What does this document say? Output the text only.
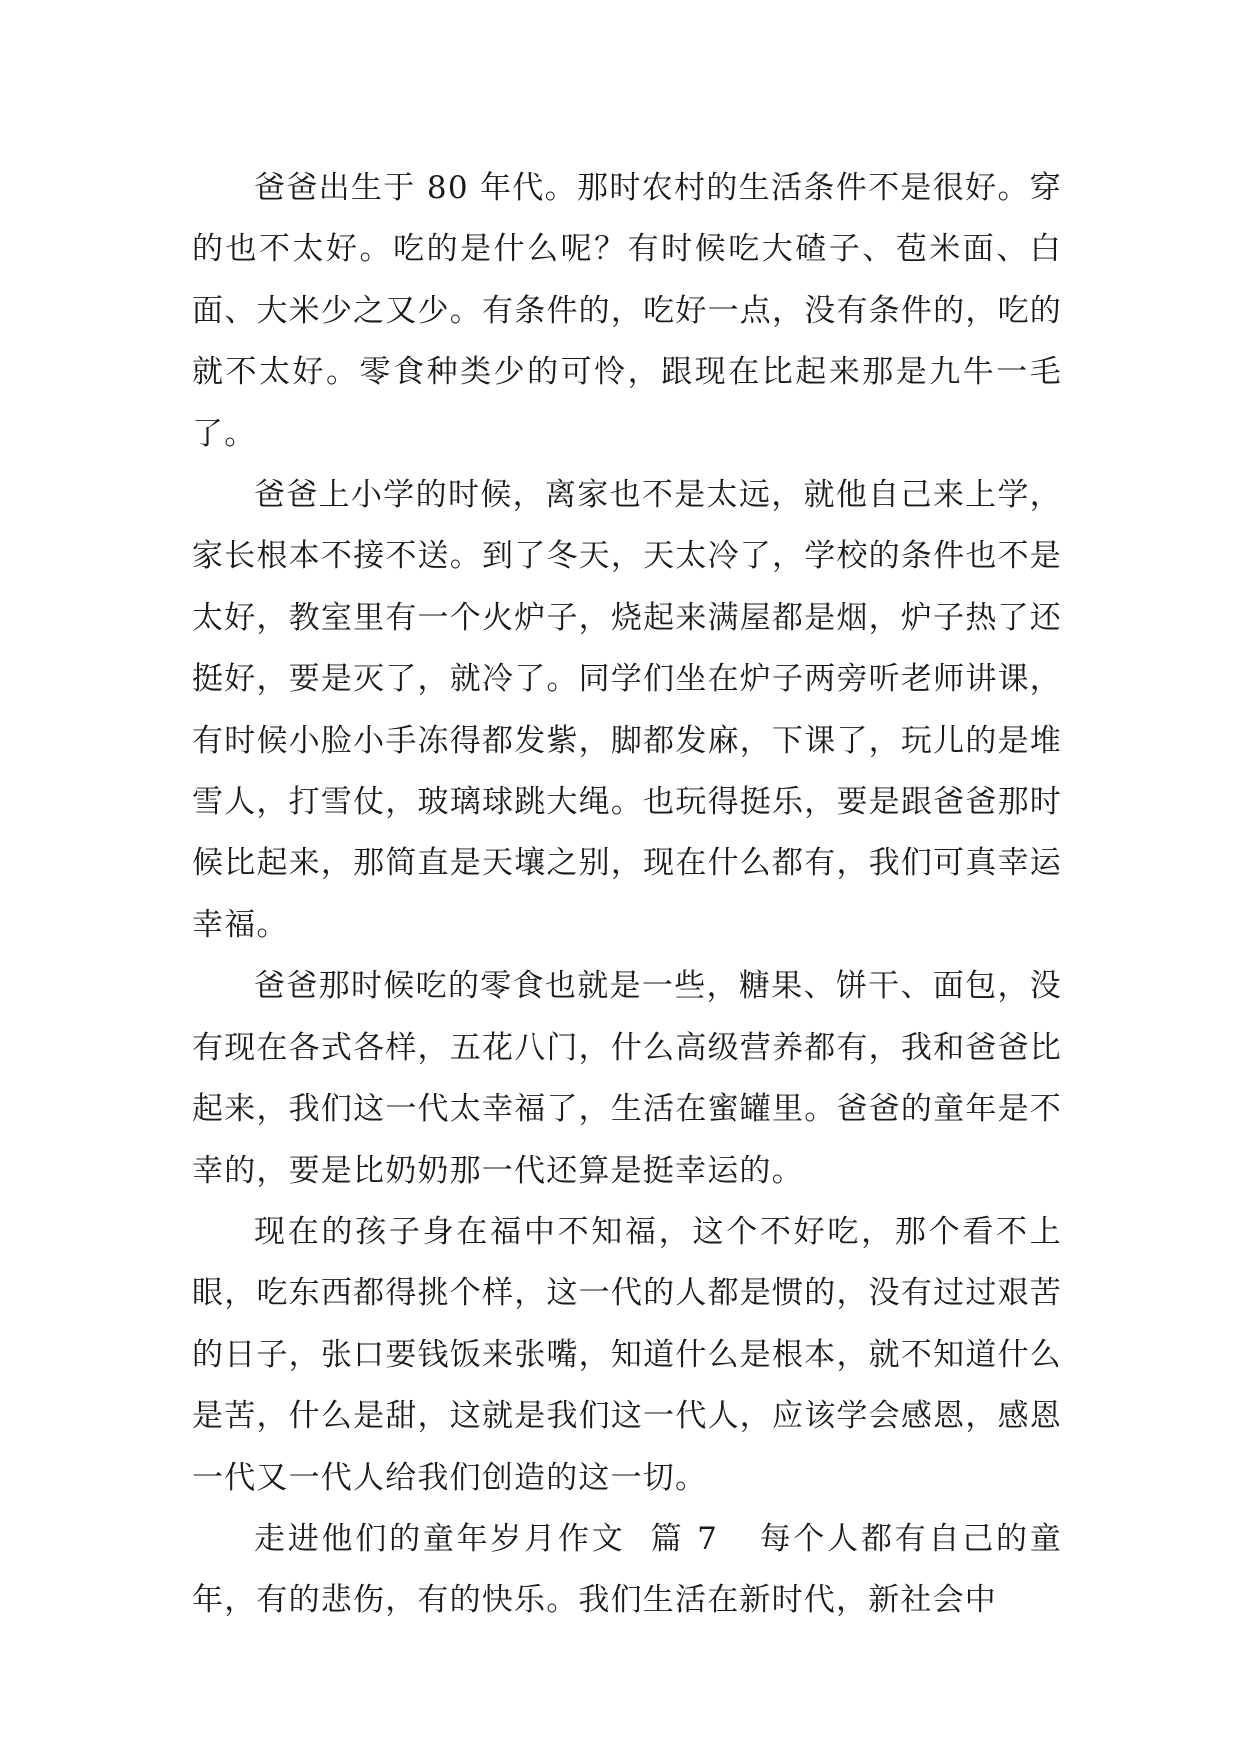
爸爸出生于 80 年代。那时农村的生活条件不是很好。穿的也不太好。吃的是什么呢？有时候吃大碴子、苞米面、白面、大米少之又少。有条件的，吃好一点，没有条件的，吃的就不太好。零食种类少的可怜，跟现在比起来那是九牛一毛了。

爸爸上小学的时候，离家也不是太远，就他自己来上学，家长根本不接不送。到了冬天，天太冷了，学校的条件也不是太好，教室里有一个火炉子，烧起来满屋都是烟，炉子热了还挺好，要是灭了，就冷了。同学们坐在炉子两旁听老师讲课，有时候小脸小手冻得都发紫，脚都发麻，下课了，玩儿的是堆雪人，打雪仗，玻璃球跳大绳。也玩得挺乐，要是跟爸爸那时候比起来，那简直是天壤之别，现在什么都有，我们可真幸运幸福。

爸爸那时候吃的零食也就是一些，糖果、饼干、面包，没有现在各式各样，五花八门，什么高级营养都有，我和爸爸比起来，我们这一代太幸福了，生活在蜜罐里。爸爸的童年是不幸的，要是比奶奶那一代还算是挺幸运的。

现在的孩子身在福中不知福，这个不好吃，那个看不上眼，吃东西都得挑个样，这一代的人都是惯的，没有过过艰苦的日子，张口要钱饭来张嘴，知道什么是根本，就不知道什么是苦，什么是甜，这就是我们这一代人，应该学会感恩，感恩一代又一代人给我们创造的这一切。

走进他们的童年岁月作文  篇 7 每个人都有自己的童年，有的悲伤，有的快乐。我们生活在新时代，新社会中
